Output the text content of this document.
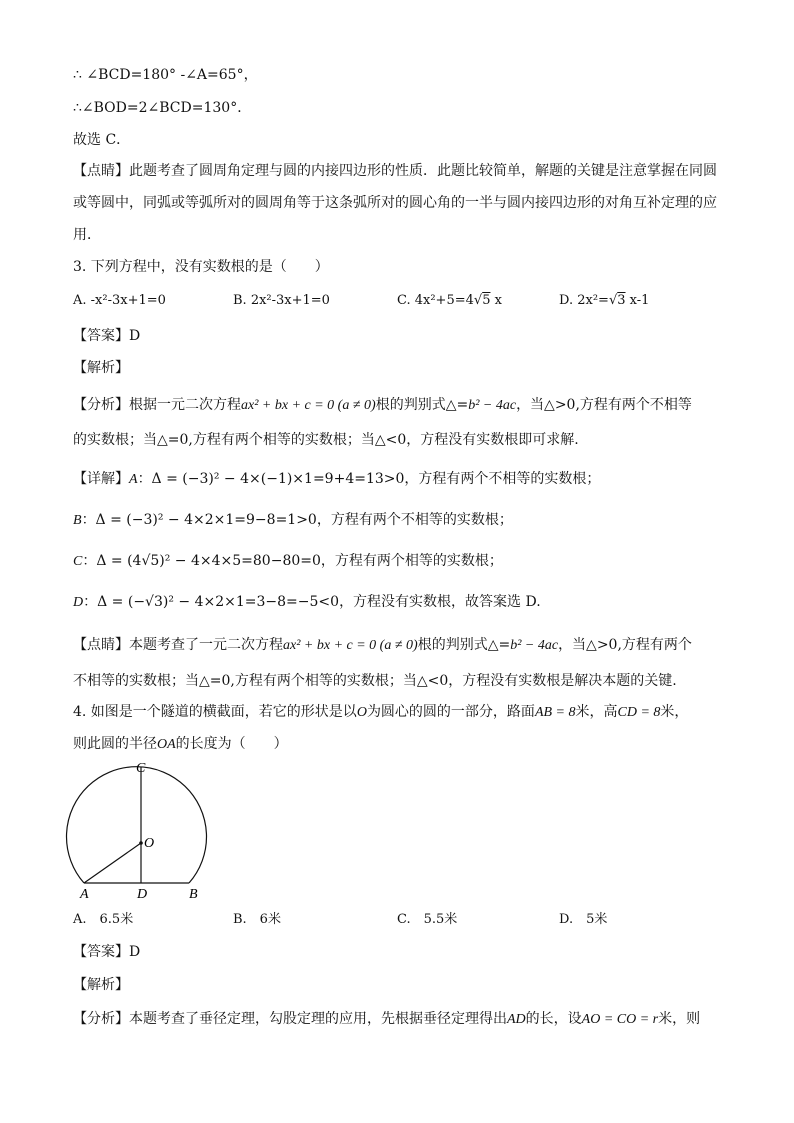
∴ ∠BCD=180° -∠A=65°，
∴∠BOD=2∠BCD=130°．
故选 C．
【点睛】此题考查了圆周角定理与圆的内接四边形的性质．此题比较简单，解题的关键是注意掌握在同圆
或等圆中，同弧或等弧所对的圆周角等于这条弧所对的圆心角的一半与圆内接四边形的对角互补定理的应
用．
3. 下列方程中，没有实数根的是（　　）
A. -x²-3x+1=0	B. 2x²-3x+1=0	C. 4x²+5=4√5 x	D. 2x²=√3 x-1
【答案】D
【解析】
【分析】根据一元二次方程ax² + bx + c = 0 (a ≠ 0)根的判别式△=b² − 4ac，当△>0,方程有两个不相等
的实数根；当△=0,方程有两个相等的实数根；当△<0，方程没有实数根即可求解.
【详解】A：Δ = (−3)² − 4×(−1)×1=9+4=13>0，方程有两个不相等的实数根；
B：Δ = (−3)² − 4×2×1=9−8=1>0，方程有两个不相等的实数根；
C：Δ = (4√5)² − 4×4×5=80−80=0，方程有两个相等的实数根；
D：Δ = (−√3)² − 4×2×1=3−8=−5<0，方程没有实数根，故答案选 D.
【点睛】本题考查了一元二次方程ax² + bx + c = 0 (a ≠ 0)根的判别式△=b² − 4ac，当△>0,方程有两个
不相等的实数根；当△=0,方程有两个相等的实数根；当△<0，方程没有实数根是解决本题的关键.
4. 如图是一个隧道的横截面，若它的形状是以O为圆心的圆的一部分，路面AB = 8米，高CD = 8米，
则此圆的半径OA的长度为（　　）
C
O
A	D	B
A.　6.5米	B.　6米	C.　5.5米	D.　5米
【答案】D
【解析】
【分析】本题考查了垂径定理，勾股定理的应用，先根据垂径定理得出AD的长，设AO = CO = r米，则
